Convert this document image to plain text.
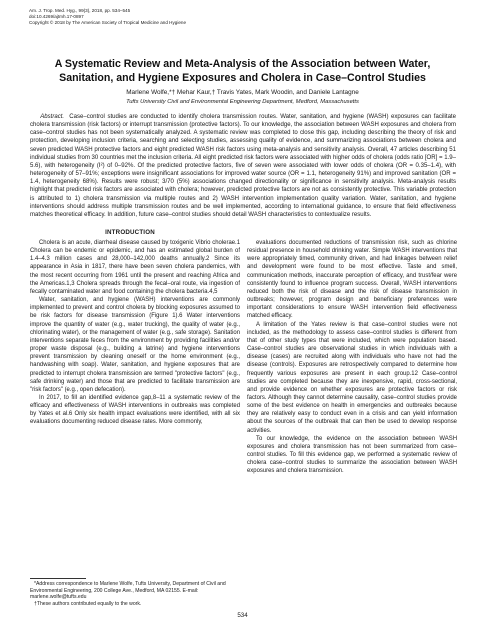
Am. J. Trop. Med. Hyg., 99(3), 2018, pp. 534–545
doi:10.4269/ajtmh.17-0897
Copyright © 2018 by The American Society of Tropical Medicine and Hygiene
A Systematic Review and Meta-Analysis of the Association between Water, Sanitation, and Hygiene Exposures and Cholera in Case–Control Studies
Marlene Wolfe,*† Mehar Kaur,† Travis Yates, Mark Woodin, and Daniele Lantagne
Tufts University Civil and Environmental Engineering Department, Medford, Massachusetts

Abstract. Case–control studies are conducted to identify cholera transmission routes. Water, sanitation, and hygiene (WASH) exposures can facilitate cholera transmission (risk factors) or interrupt transmission (protective factors). To our knowledge, the association between WASH exposures and cholera from case–control studies has not been systematically analyzed. A systematic review was completed to close this gap, including describing the theory of risk and protection, developing inclusion criteria, searching and selecting studies, assessing quality of evidence, and summarizing associations between cholera and seven predicted WASH protective factors and eight predicted WASH risk factors using meta-analysis and sensitivity analysis. Overall, 47 articles describing 51 individual studies from 30 countries met the inclusion criteria. All eight predicted risk factors were associated with higher odds of cholera (odds ratio [OR] = 1.9–5.6), with heterogeneity (I²) of 0–92%. Of the predicted protective factors, five of seven were associated with lower odds of cholera (OR = 0.35–1.4), with heterogeneity of 57–91%; exceptions were insignificant associations for improved water source (OR = 1.1, heterogeneity 91%) and improved sanitation (OR = 1.4, heterogeneity 68%). Results were robust; 3/70 (5%) associations changed directionality or significance in sensitivity analysis. Meta-analysis results highlight that predicted risk factors are associated with cholera; however, predicted protective factors are not as consistently protective. This variable protection is attributed to 1) cholera transmission via multiple routes and 2) WASH intervention implementation quality variation. Water, sanitation, and hygiene interventions should address multiple transmission routes and be well implemented, according to international guidance, to ensure that field effectiveness matches theoretical efficacy. In addition, future case–control studies should detail WASH characteristics to contextualize results.

INTRODUCTION

Cholera is an acute, diarrheal disease caused by toxigenic Vibrio cholerae.1 Cholera can be endemic or epidemic, and has an estimated global burden of 1.4–4.3 million cases and 28,000–142,000 deaths annually.2 Since its appearance in Asia in 1817, there have been seven cholera pandemics, with the most recent occurring from 1961 until the present and reaching Africa and the Americas.1,3 Cholera spreads through the fecal–oral route, via ingestion of fecally contaminated water and food containing the cholera bacteria.4,5

Water, sanitation, and hygiene (WASH) interventions are commonly implemented to prevent and control cholera by blocking exposures assumed to be risk factors for disease transmission (Figure 1).6 Water interventions improve the quantity of water (e.g., water trucking), the quality of water (e.g., chlorinating water), or the management of water (e.g., safe storage). Sanitation interventions separate feces from the environment by providing facilities and/or proper waste disposal (e.g., building a latrine) and hygiene interventions prevent transmission by cleaning oneself or the home environment (e.g., handwashing with soap). Water, sanitation, and hygiene exposures that are predicted to interrupt cholera transmission are termed "protective factors" (e.g., safe drinking water) and those that are predicted to facilitate transmission are "risk factors" (e.g., open defecation).

In 2017, to fill an identified evidence gap,8–11 a systematic review of the efficacy and effectiveness of WASH interventions in outbreaks was completed by Yates et al.6 Only six health impact evaluations were identified, with all six evaluations documenting reduced disease rates. More commonly,

evaluations documented reductions of transmission risk, such as chlorine residual presence in household drinking water. Simple WASH interventions that were appropriately timed, community driven, and had linkages between relief and development were found to be most effective. Taste and smell, communication methods, inaccurate perception of efficacy, and trust/fear were consistently found to influence program success. Overall, WASH interventions reduced both the risk of disease and the risk of disease transmission in outbreaks; however, program design and beneficiary preferences were important considerations to ensure WASH intervention field effectiveness matched efficacy.

A limitation of the Yates review is that case–control studies were not included, as the methodology to assess case–control studies is different from that of other study types that were included, which were population based. Case–control studies are observational studies in which individuals with a disease (cases) are recruited along with individuals who have not had the disease (controls). Exposures are retrospectively compared to determine how frequently various exposures are present in each group.12 Case–control studies are completed because they are inexpensive, rapid, cross-sectional, and provide evidence on whether exposures are protective factors or risk factors. Although they cannot determine causality, case–control studies provide some of the best evidence on health in emergencies and outbreaks because they are relatively easy to conduct even in a crisis and can yield information about the sources of the outbreak that can then be used to develop response activities.

To our knowledge, the evidence on the association between WASH exposures and cholera transmission has not been summarized from case–control studies. To fill this evidence gap, we performed a systematic review of cholera case–control studies to summarize the association between WASH exposures and cholera transmission.

*Address correspondence to Marlene Wolfe, Tufts University, Department of Civil and Environmental Engineering, 200 College Ave., Medford, MA 02155. E-mail: marlene.wolfe@tufts.edu

†These authors contributed equally to the work.

534
